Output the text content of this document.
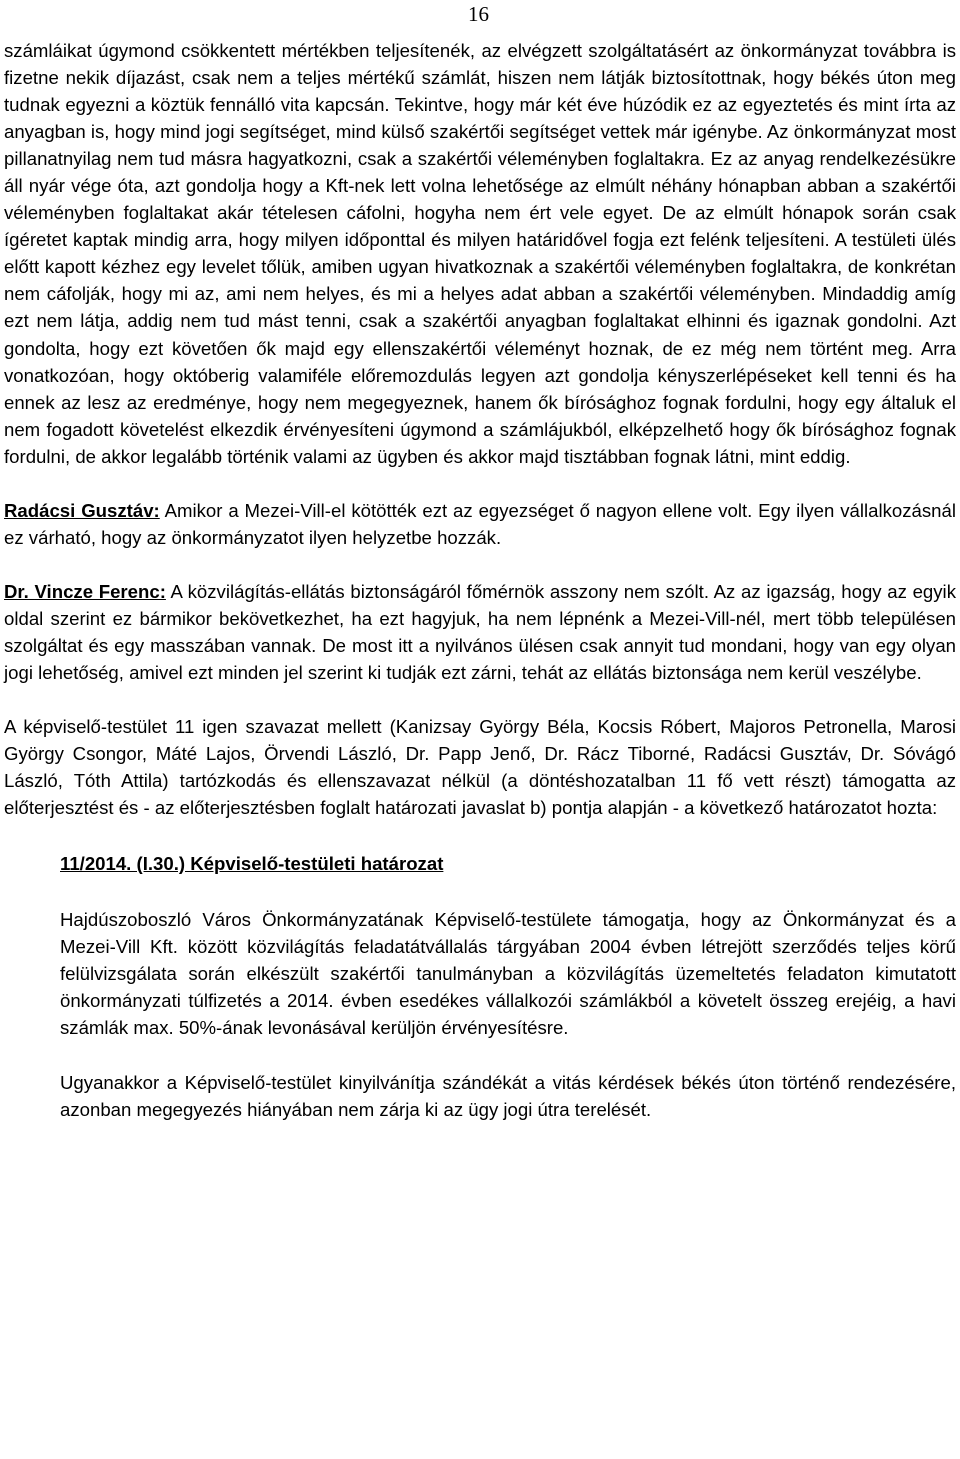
16

számláikat úgymond csökkentett mértékben teljesítenék, az elvégzett szolgáltatásért az önkormányzat továbbra is fizetne nekik díjazást, csak nem a teljes mértékű számlát, hiszen nem látják biztosítottnak, hogy békés úton meg tudnak egyezni a köztük fennálló vita kapcsán. Tekintve, hogy már két éve húzódik ez az egyeztetés és mint írta az anyagban is, hogy mind jogi segítséget, mind külső szakértői segítséget vettek már igénybe. Az önkormányzat most pillanatnyilag nem tud másra hagyatkozni, csak a szakértői véleményben foglaltakra. Ez az anyag rendelkezésükre áll nyár vége óta, azt gondolja hogy a Kft-nek lett volna lehetősége az elmúlt néhány hónapban abban a szakértői véleményben foglaltakat akár tételesen cáfolni, hogyha nem ért vele egyet. De az elmúlt hónapok során csak ígéretet kaptak mindig arra, hogy milyen időponttal és milyen határidővel fogja ezt felénk teljesíteni. A testületi ülés előtt kapott kézhez egy levelet tőlük, amiben ugyan hivatkoznak a szakértői véleményben foglaltakra, de konkrétan nem cáfolják, hogy mi az, ami nem helyes, és mi a helyes adat abban a szakértői véleményben. Mindaddig amíg ezt nem látja, addig nem tud mást tenni, csak a szakértői anyagban foglaltakat elhinni és igaznak gondolni. Azt gondolta, hogy ezt követően ők majd egy ellenszakértői véleményt hoznak, de ez még nem történt meg. Arra vonatkozóan, hogy októberig valamiféle előremozdulás legyen azt gondolja kényszerlépéseket kell tenni és ha ennek az lesz az eredménye, hogy nem megegyeznek, hanem ők bírósághoz fognak fordulni, hogy egy általuk el nem fogadott követelést elkezdik érvényesíteni úgymond a számlájukból, elképzelhető hogy ők bírósághoz fognak fordulni, de akkor legalább történik valami az ügyben és akkor majd tisztábban fognak látni, mint eddig.

Radácsi Gusztáv: Amikor a Mezei-Vill-el kötötték ezt az egyezséget ő nagyon ellene volt. Egy ilyen vállalkozásnál ez várható, hogy az önkormányzatot ilyen helyzetbe hozzák.

Dr. Vincze Ferenc: A közvilágítás-ellátás biztonságáról főmérnök asszony nem szólt. Az az igazság, hogy az egyik oldal szerint ez bármikor bekövetkezhet, ha ezt hagyjuk, ha nem lépnénk a Mezei-Vill-nél, mert több településen szolgáltat és egy masszában vannak. De most itt a nyilvános ülésen csak annyit tud mondani, hogy van egy olyan jogi lehetőség, amivel ezt minden jel szerint ki tudják ezt zárni, tehát az ellátás biztonsága nem kerül veszélybe.

A képviselő-testület 11 igen szavazat mellett (Kanizsay György Béla, Kocsis Róbert, Majoros Petronella, Marosi György Csongor, Máté Lajos, Örvendi László, Dr. Papp Jenő, Dr. Rácz Tiborné, Radácsi Gusztáv, Dr. Sóvágó László, Tóth Attila) tartózkodás és ellenszavazat nélkül (a döntéshozatalban 11 fő vett részt) támogatta az előterjesztést és - az előterjesztésben foglalt határozati javaslat b) pontja alapján - a következő határozatot hozta:

11/2014. (I.30.) Képviselő-testületi határozat

Hajdúszoboszló Város Önkormányzatának Képviselő-testülete támogatja, hogy az Önkormányzat és a Mezei-Vill Kft. között közvilágítás feladatátvállalás tárgyában 2004 évben létrejött szerződés teljes körű felülvizsgálata során elkészült szakértői tanulmányban a közvilágítás üzemeltetés feladaton kimutatott önkormányzati túlfizetés a 2014. évben esedékes vállalkozói számlákból a követelt összeg erejéig, a havi számlák max. 50%-ának levonásával kerüljön érvényesítésre.

Ugyanakkor a Képviselő-testület kinyilvánítja szándékát a vitás kérdések békés úton történő rendezésére, azonban megegyezés hiányában nem zárja ki az ügy jogi útra terelését.
